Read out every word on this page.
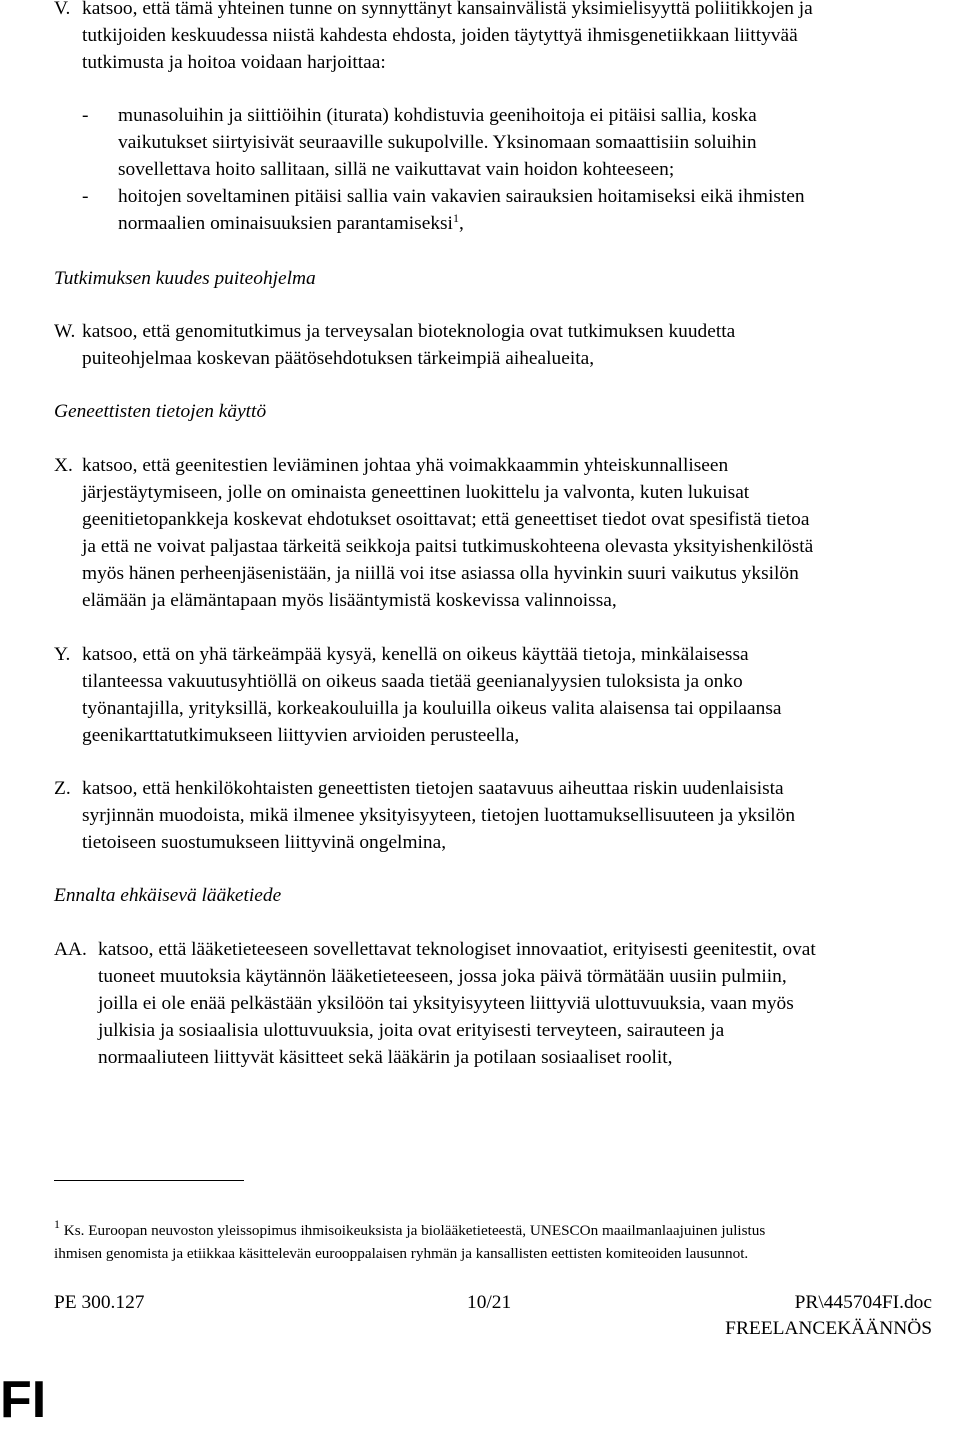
V. katsoo, että tämä yhteinen tunne on synnyttänyt kansainvälistä yksimielisyyttä poliitikkojen ja
tutkijoiden keskuudessa niistä kahdesta ehdosta, joiden täytyttyä ihmisgenetiikkaan liittyvää
tutkimusta ja hoitoa voidaan harjoittaa:
- munasoluihin ja siittiöihin (iturata) kohdistuvia geenihoitoja ei pitäisi sallia, koska
vaikutukset siirtyisivät seuraaville sukupolville. Yksinomaan somaattisiin soluihin
sovellettava hoito sallitaan, sillä ne vaikuttavat vain hoidon kohteeseen;
- hoitojen soveltaminen pitäisi sallia vain vakavien sairauksien hoitamiseksi eikä ihmisten
normaalien ominaisuuksien parantamiseksi$^1$,
Tutkimuksen kuudes puiteohjelma
W. katsoo, että genomitutkimus ja terveysalan bioteknologia ovat tutkimuksen kuudetta
puiteohjelmaa koskevan päätösehdotuksen tärkeimpiä aihealueita,
Geneettisten tietojen käyttö
X. katsoo, että geenitestien leviäminen johtaa yhä voimakkaammin yhteiskunnalliseen
järjestäytymiseen, jolle on ominaista geneettinen luokittelu ja valvonta, kuten lukuisat
geenitietopankkeja koskevat ehdotukset osoittavat; että geneettiset tiedot ovat spesifistä tietoa
ja että ne voivat paljastaa tärkeitä seikkoja paitsi tutkimuskohteena olevasta yksityishenkilöstä
myös hänen perheenjäsenistään, ja niillä voi itse asiassa olla hyvinkin suuri vaikutus yksilön
elämään ja elämäntapaan myös lisääntymistä koskevissa valinnoissa,
Y. katsoo, että on yhä tärkeämpää kysyä, kenellä on oikeus käyttää tietoja, minkälaisessa
tilanteessa vakuutusyhtiöllä on oikeus saada tietää geenianalyysien tuloksista ja onko
työnantajilla, yrityksillä, korkeakouluilla ja kouluilla oikeus valita alaisensa tai oppilaansa
geenikarttatutkimukseen liittyvien arvioiden perusteella,
Z. katsoo, että henkilökohtaisten geneettisten tietojen saatavuus aiheuttaa riskin uudenlaisista
syrjinnän muodoista, mikä ilmenee yksityisyyteen, tietojen luottamuksellisuuteen ja yksilön
tietoiseen suostumukseen liittyvinä ongelmina,
Ennalta ehkäisevä lääketiede
AA. katsoo, että lääketieteeseen sovellettavat teknologiset innovaatiot, erityisesti geenitestit, ovat
tuoneet muutoksia käytännön lääketieteeseen, jossa joka päivä törmätään uusiin pulmiin,
joilla ei ole enää pelkästään yksilöön tai yksityisyyteen liittyviä ulottuvuuksia, vaan myös
julkisia ja sosiaalisia ulottuvuuksia, joita ovat erityisesti terveyteen, sairauteen ja
normaaliuteen liittyvät käsitteet sekä lääkärin ja potilaan sosiaaliset roolit,
$^1$ Ks. Euroopan neuvoston yleissopimus ihmisoikeuksista ja biolääketieteestä, UNESCOn maailmanlaajuinen julistus
ihmisen genomista ja etiikkaa käsittelevän eurooppalaisen ryhmän ja kansallisten eettisten komiteoiden lausunnot.
PE 300.127	10/21	PR\445704FI.doc
FREELANCEKÄÄNNÖS
FI
